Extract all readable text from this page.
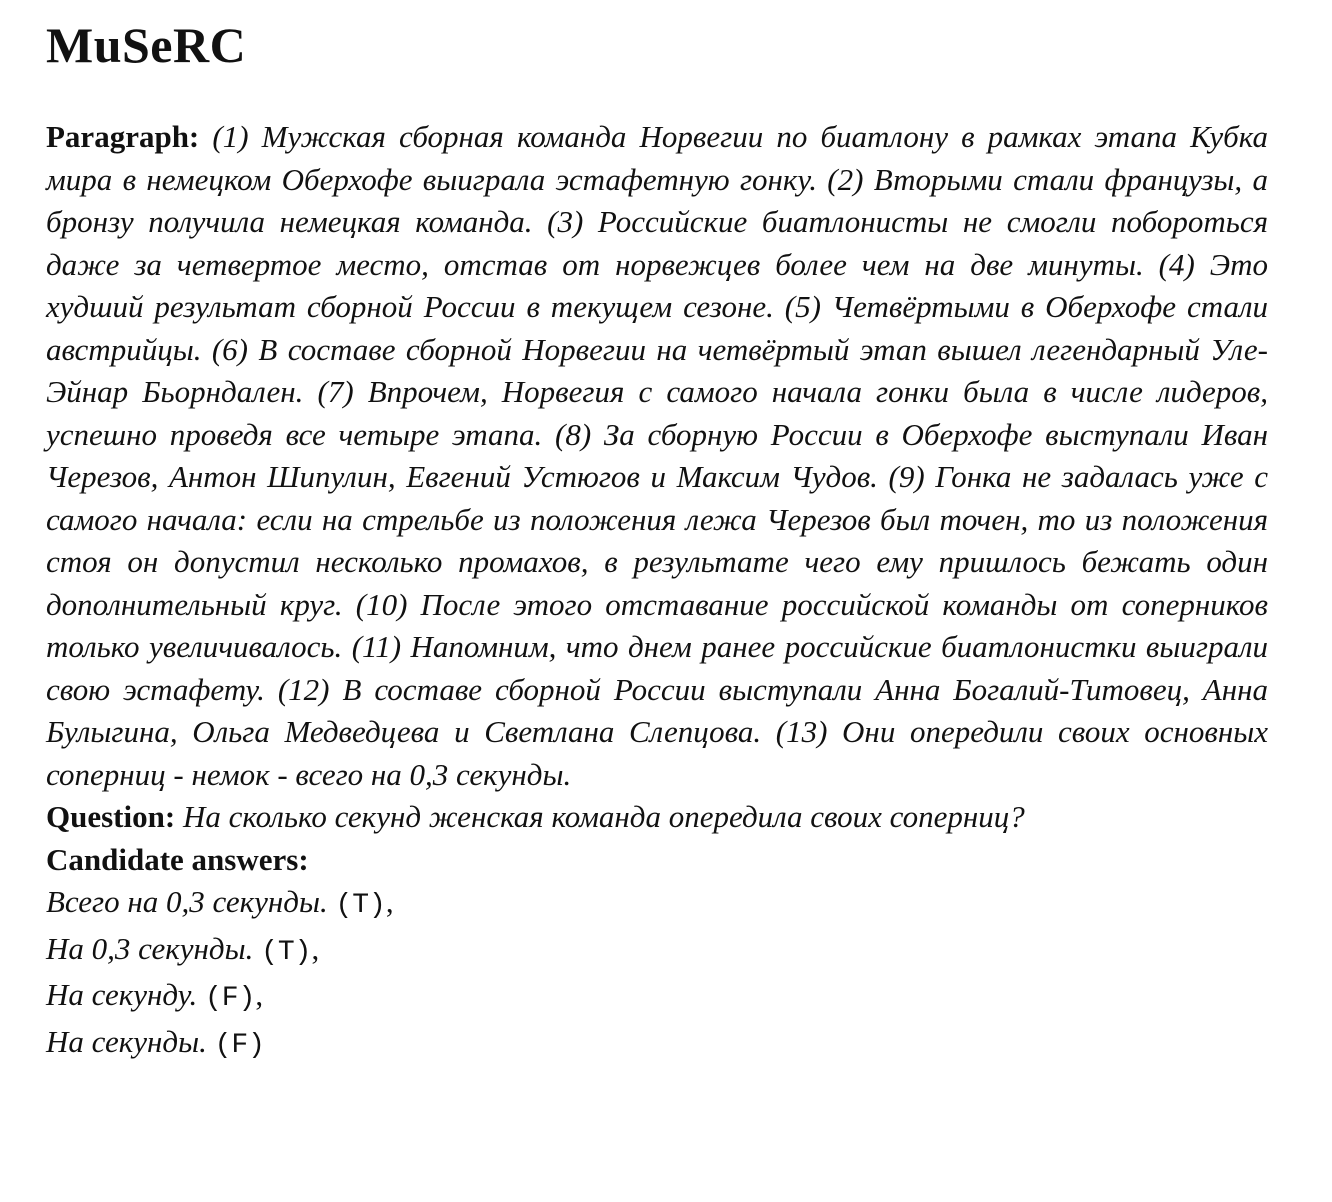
MuSeRC

Paragraph: (1) Мужская сборная команда Норвегии по биатлону в рамках этапа Кубка мира в немецком Оберхофе выиграла эстафетную гонку. (2) Вторыми стали французы, а бронзу получила немецкая команда. (3) Российские биатлонисты не смогли побороться даже за четвертое место, отстав от норвежцев более чем на две минуты. (4) Это худший результат сборной России в текущем сезоне. (5) Четвёртыми в Оберхофе стали австрийцы. (6) В составе сборной Норвегии на четвёртый этап вышел легендарный Уле-Эйнар Бьорндален. (7) Впрочем, Норвегия с самого начала гонки была в числе лидеров, успешно проведя все четыре этапа. (8) За сборную России в Оберхофе выступали Иван Черезов, Антон Шипулин, Евгений Устюгов и Максим Чудов. (9) Гонка не задалась уже с самого начала: если на стрельбе из положения лежа Черезов был точен, то из положения стоя он допустил несколько промахов, в результате чего ему пришлось бежать один дополнительный круг. (10) После этого отставание российской команды от соперников только увеличивалось. (11) Напомним, что днем ранее российские биатлонистки выиграли свою эстафету. (12) В составе сборной России выступали Анна Богалий-Титовец, Анна Булыгина, Ольга Медведцева и Светлана Слепцова. (13) Они опередили своих основных соперниц - немок - всего на 0,3 секунды.

Question: На сколько секунд женская команда опередила своих соперниц?

Candidate answers:
Всего на 0,3 секунды. (T),
На 0,3 секунды. (T),
На секунду. (F),
На секунды. (F)
